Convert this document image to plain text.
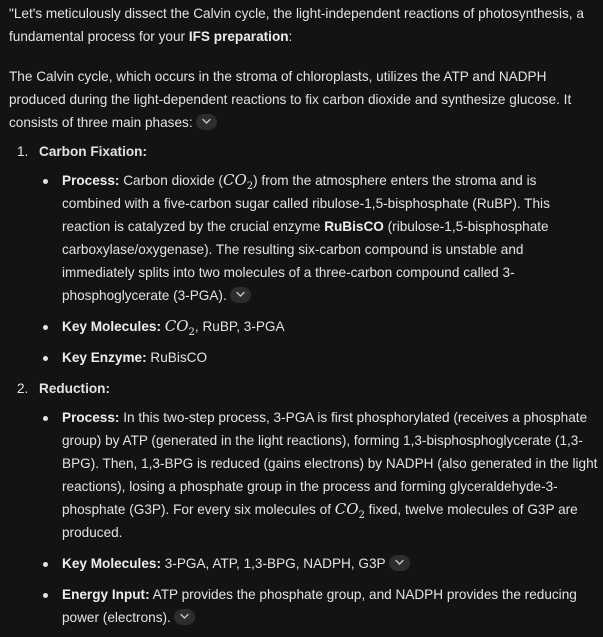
"Let's meticulously dissect the Calvin cycle, the light-independent reactions of photosynthesis, a fundamental process for your IFS preparation:

The Calvin cycle, which occurs in the stroma of chloroplasts, utilizes the ATP and NADPH produced during the light-dependent reactions to fix carbon dioxide and synthesize glucose. It consists of three main phases:

1. Carbon Fixation:
Process: Carbon dioxide $(CO_2)$ from the atmosphere enters the stroma and is combined with a five-carbon sugar called ribulose-1,5-bisphosphate (RuBP). This reaction is catalyzed by the crucial enzyme RuBisCO (ribulose-1,5-bisphosphate carboxylase/oxygenase). The resulting six-carbon compound is unstable and immediately splits into two molecules of a three-carbon compound called 3-phosphoglycerate (3-PGA).
Key Molecules: $CO_2$, RuBP, 3-PGA
Key Enzyme: RuBisCO
2. Reduction:
Process: In this two-step process, 3-PGA is first phosphorylated (receives a phosphate group) by ATP (generated in the light reactions), forming 1,3-bisphosphoglycerate (1,3-BPG). Then, 1,3-BPG is reduced (gains electrons) by NADPH (also generated in the light reactions), losing a phosphate group in the process and forming glyceraldehyde-3-phosphate (G3P). For every six molecules of $CO_2$ fixed, twelve molecules of G3P are produced.
Key Molecules: 3-PGA, ATP, 1,3-BPG, NADPH, G3P
Energy Input: ATP provides the phosphate group, and NADPH provides the reducing power (electrons).
